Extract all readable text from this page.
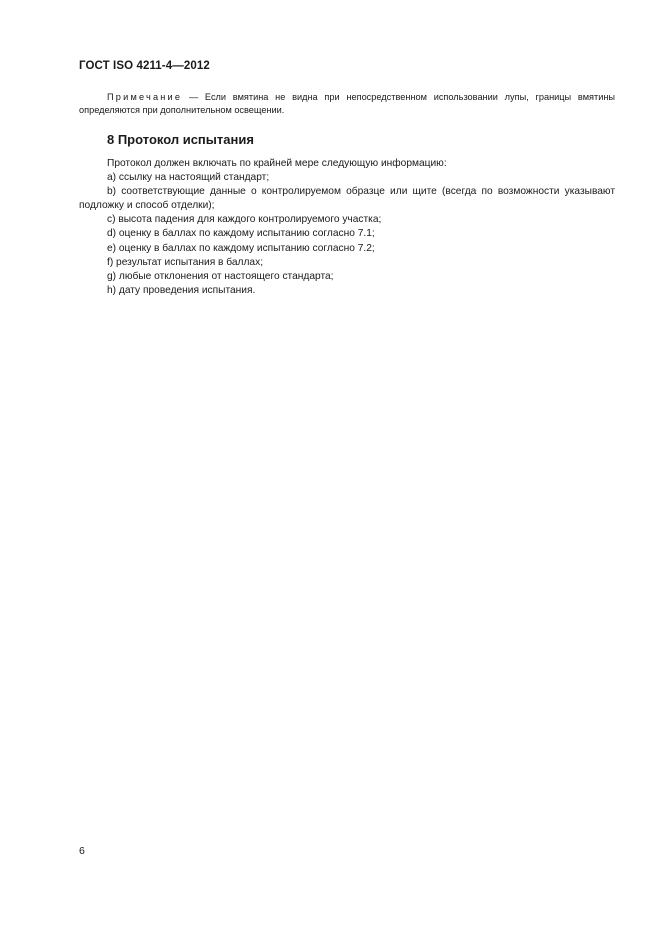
ГОСТ ISO 4211-4—2012
Примечание — Если вмятина не видна при непосредственном использовании лупы, границы вмятины определяются при дополнительном освещении.
8 Протокол испытания

Протокол должен включать по крайней мере следующую информацию:

a) ссылку на настоящий стандарт;

b) соответствующие данные о контролируемом образце или щите (всегда по возможности указывают подложку и способ отделки);

c) высота падения для каждого контролируемого участка;

d) оценку в баллах по каждому испытанию согласно 7.1;

e) оценку в баллах по каждому испытанию согласно 7.2;

f) результат испытания в баллах;

g) любые отклонения от настоящего стандарта;

h) дату проведения испытания.

6
